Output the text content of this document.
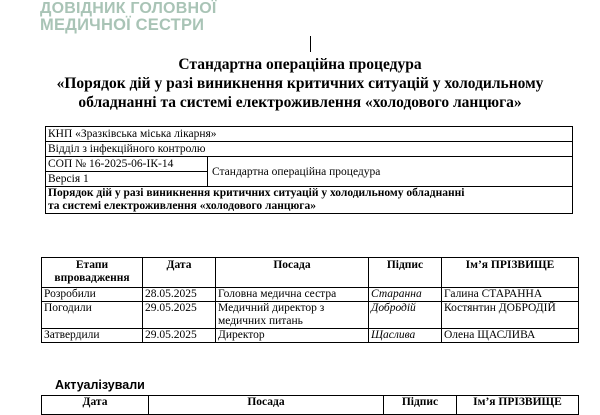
ДОВІДНИК ГОЛОВНОЇ
МЕДИЧНОЇ СЕСТРИ
Стандартна операційна процедура
«Порядок дій у разі виникнення критичних ситуацій у холодильному
обладнанні та системі електроживлення «холодового ланцюга»
КНП «Зразківська міська лікарня»
Відділ з інфекційного контролю
СОП № 16-2025-06-ІК-14	Стандартна операційна процедура
Версія 1

Порядок дій у разі виникнення критичних ситуацій у холодильному обладнанні
та системі електроживлення «холодового ланцюга»
Етапи впровадження	Дата	Посада	Підпис	Ім’я ПРІЗВИЩЕ
Розробили	28.05.2025	Головна медична сестра	Старанна	Галина СТАРАННА
Погодили	29.05.2025	Медичний директор з медичних питань	Добродій	Костянтин ДОБРОДІЙ
Затвердили	29.05.2025	Директор	Щаслива	Олена ЩАСЛИВА
Актуалізували
Дата	Посада	Підпис	Ім’я ПРІЗВИЩЕ
